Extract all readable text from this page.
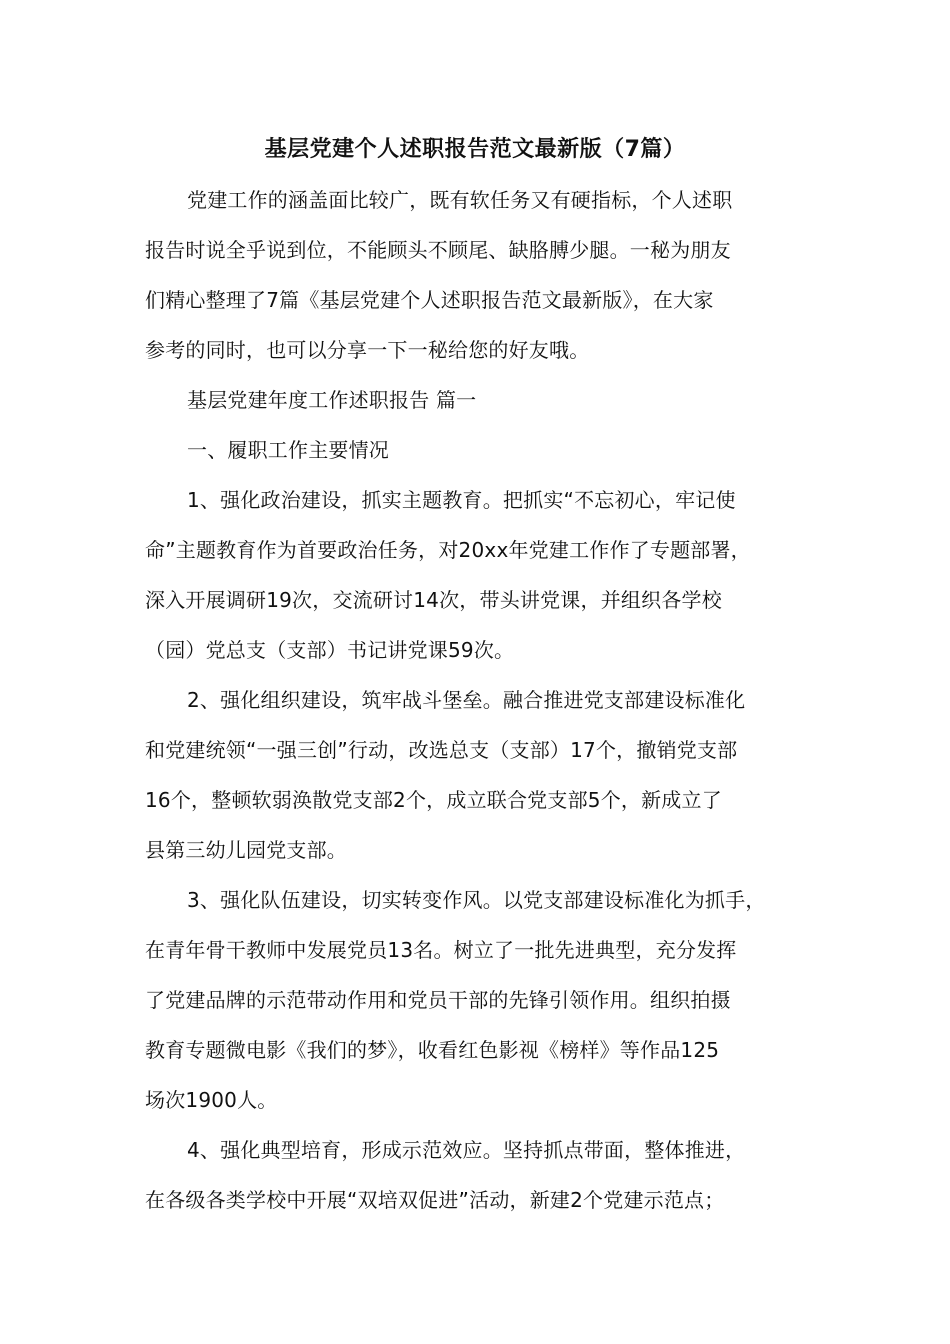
基层党建个人述职报告范文最新版（7篇）
党建工作的涵盖面比较广，既有软任务又有硬指标，个人述职
报告时说全乎说到位，不能顾头不顾尾、缺胳膊少腿。一秘为朋友
们精心整理了7篇《基层党建个人述职报告范文最新版》，在大家
参考的同时，也可以分享一下一秘给您的好友哦。
基层党建年度工作述职报告 篇一
一、履职工作主要情况
1、强化政治建设，抓实主题教育。把抓实“不忘初心，牢记使
命”主题教育作为首要政治任务，对20xx年党建工作作了专题部署，
深入开展调研19次，交流研讨14次，带头讲党课，并组织各学校
（园）党总支（支部）书记讲党课59次。
2、强化组织建设，筑牢战斗堡垒。融合推进党支部建设标准化
和党建统领“一强三创”行动，改选总支（支部）17个，撤销党支部
16个，整顿软弱涣散党支部2个，成立联合党支部5个，新成立了
县第三幼儿园党支部。
3、强化队伍建设，切实转变作风。以党支部建设标准化为抓手，
在青年骨干教师中发展党员13名。树立了一批先进典型，充分发挥
了党建品牌的示范带动作用和党员干部的先锋引领作用。组织拍摄
教育专题微电影《我们的梦》，收看红色影视《榜样》等作品125
场次1900人。
4、强化典型培育，形成示范效应。坚持抓点带面，整体推进，
在各级各类学校中开展“双培双促进”活动，新建2个党建示范点；
